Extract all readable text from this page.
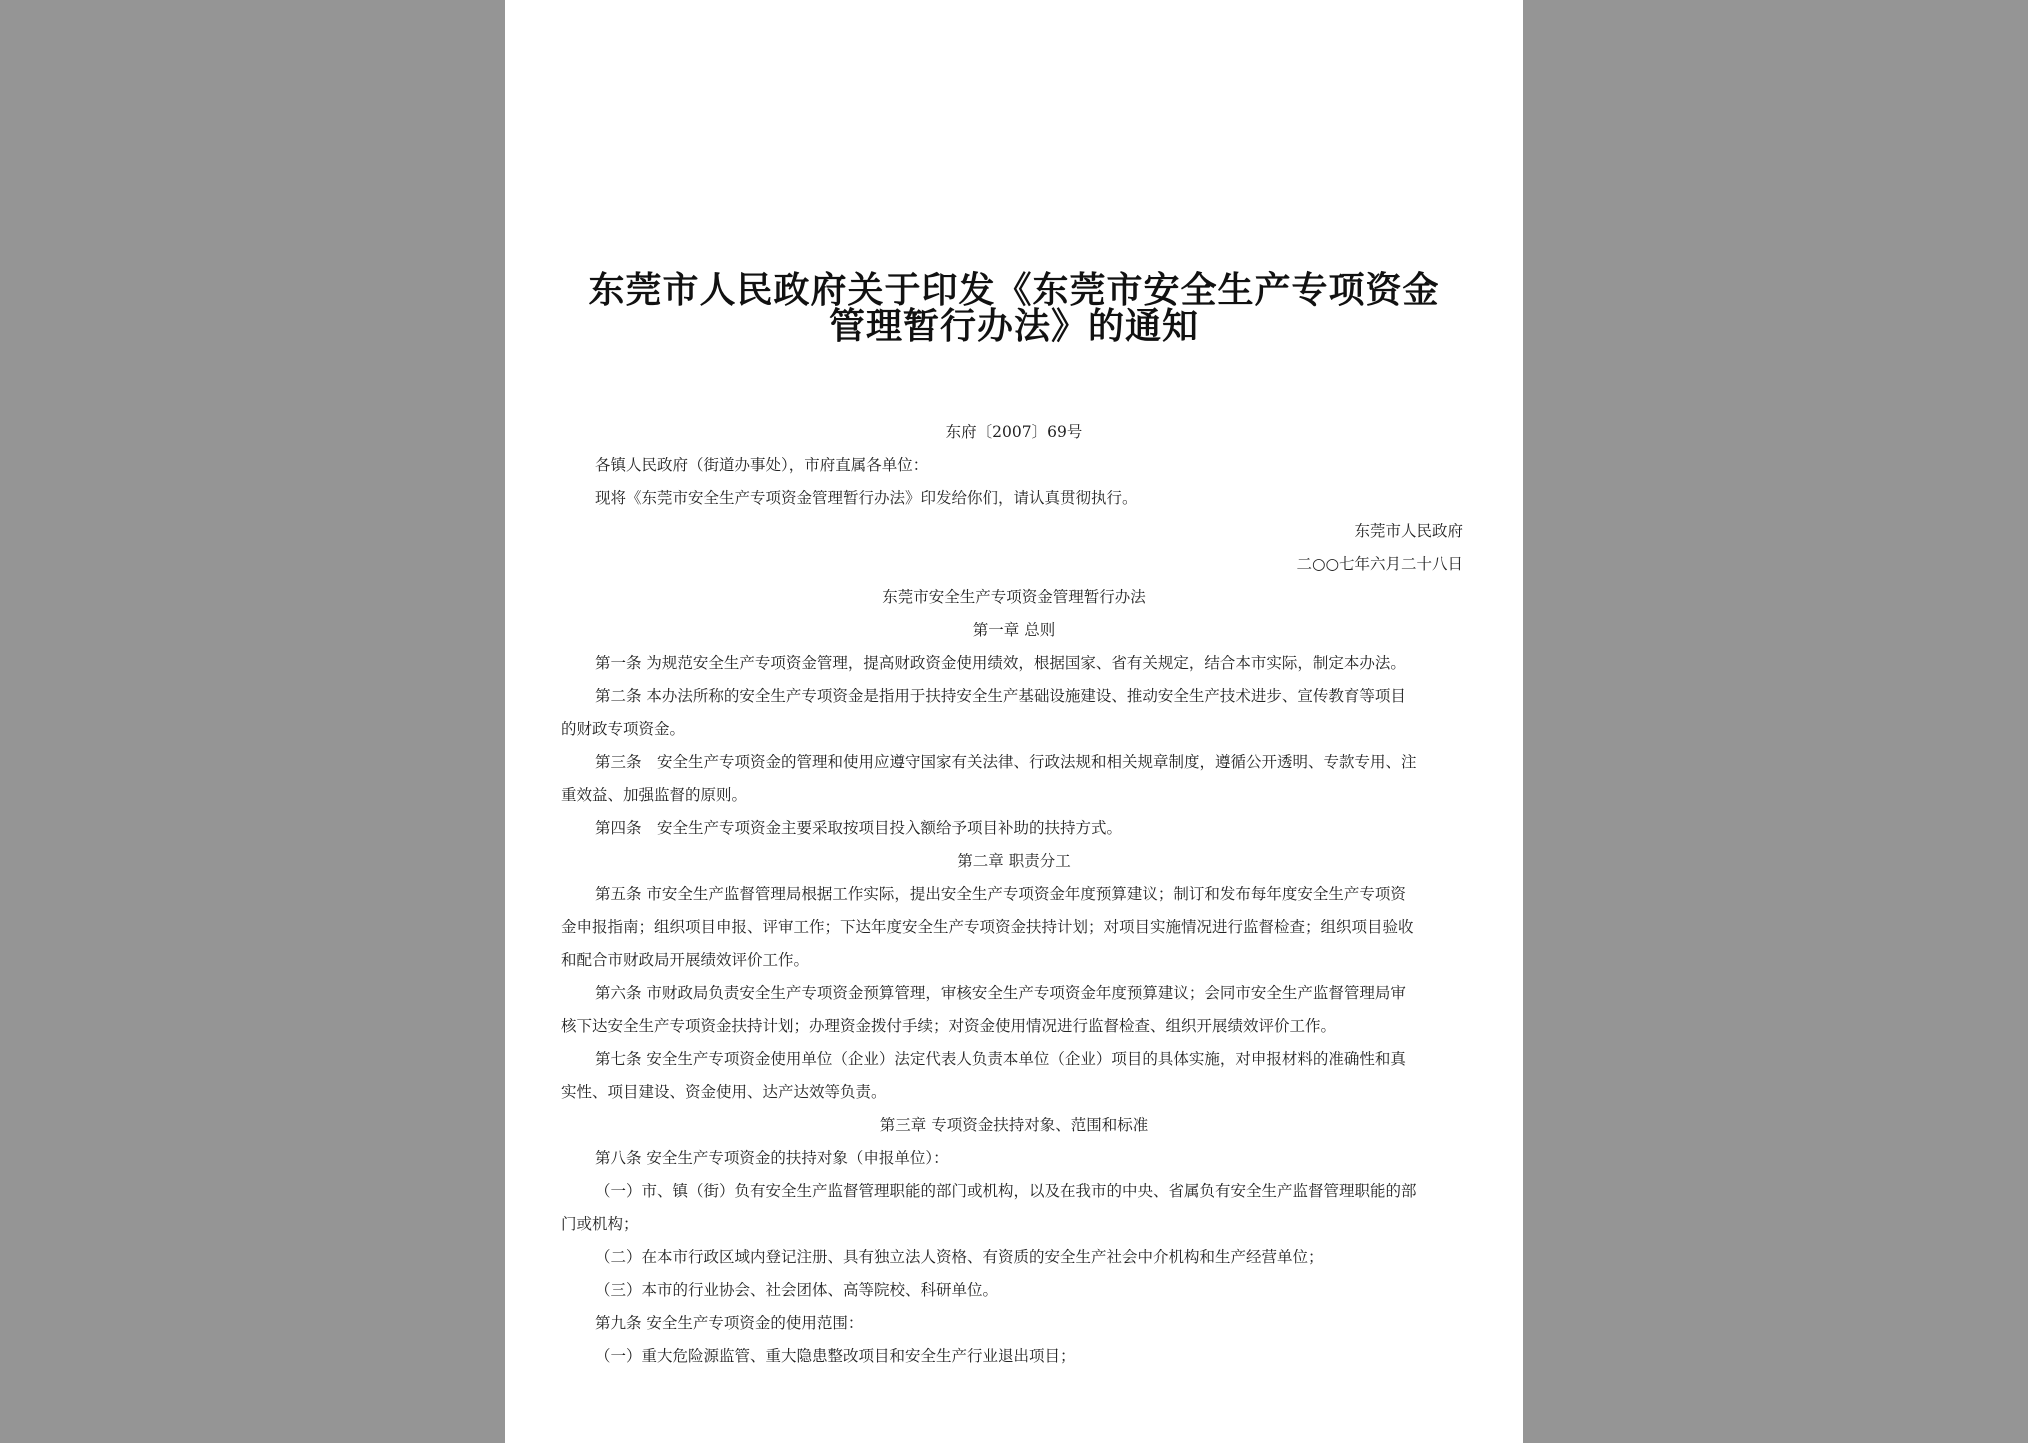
东莞市人民政府关于印发《东莞市安全生产专项资金
管理暂行办法》的通知
东府〔2007〕69号
各镇人民政府（街道办事处），市府直属各单位：
现将《东莞市安全生产专项资金管理暂行办法》印发给你们，请认真贯彻执行。
东莞市人民政府
二○○七年六月二十八日
东莞市安全生产专项资金管理暂行办法
第一章 总则
第一条 为规范安全生产专项资金管理，提高财政资金使用绩效，根据国家、省有关规定，结合本市实际，制定本办法。
第二条 本办法所称的安全生产专项资金是指用于扶持安全生产基础设施建设、推动安全生产技术进步、宣传教育等项目
的财政专项资金。
第三条　安全生产专项资金的管理和使用应遵守国家有关法律、行政法规和相关规章制度，遵循公开透明、专款专用、注
重效益、加强监督的原则。
第四条　安全生产专项资金主要采取按项目投入额给予项目补助的扶持方式。
第二章 职责分工
第五条 市安全生产监督管理局根据工作实际，提出安全生产专项资金年度预算建议；制订和发布每年度安全生产专项资
金申报指南；组织项目申报、评审工作；下达年度安全生产专项资金扶持计划；对项目实施情况进行监督检查；组织项目验收
和配合市财政局开展绩效评价工作。
第六条 市财政局负责安全生产专项资金预算管理，审核安全生产专项资金年度预算建议；会同市安全生产监督管理局审
核下达安全生产专项资金扶持计划；办理资金拨付手续；对资金使用情况进行监督检查、组织开展绩效评价工作。
第七条 安全生产专项资金使用单位（企业）法定代表人负责本单位（企业）项目的具体实施，对申报材料的准确性和真
实性、项目建设、资金使用、达产达效等负责。
第三章 专项资金扶持对象、范围和标准
第八条 安全生产专项资金的扶持对象（申报单位）：
（一）市、镇（街）负有安全生产监督管理职能的部门或机构，以及在我市的中央、省属负有安全生产监督管理职能的部
门或机构；
（二）在本市行政区域内登记注册、具有独立法人资格、有资质的安全生产社会中介机构和生产经营单位；
（三）本市的行业协会、社会团体、高等院校、科研单位。
第九条 安全生产专项资金的使用范围：
（一）重大危险源监管、重大隐患整改项目和安全生产行业退出项目；
